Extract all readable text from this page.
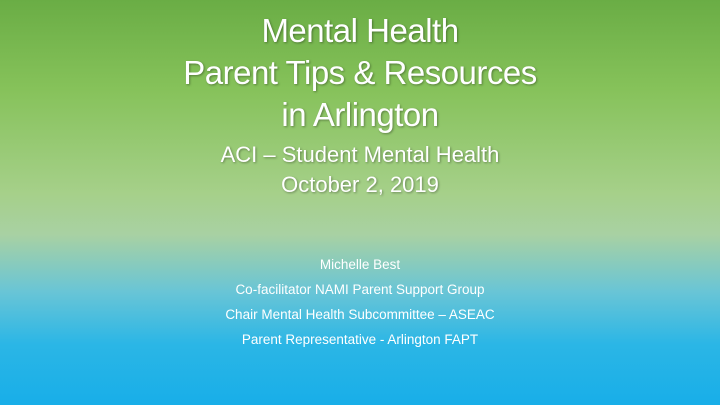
Mental Health
Parent Tips & Resources
in Arlington
ACI – Student Mental Health
October 2, 2019
Michelle Best
Co-facilitator NAMI Parent Support Group
Chair Mental Health Subcommittee – ASEAC
Parent Representative - Arlington FAPT
